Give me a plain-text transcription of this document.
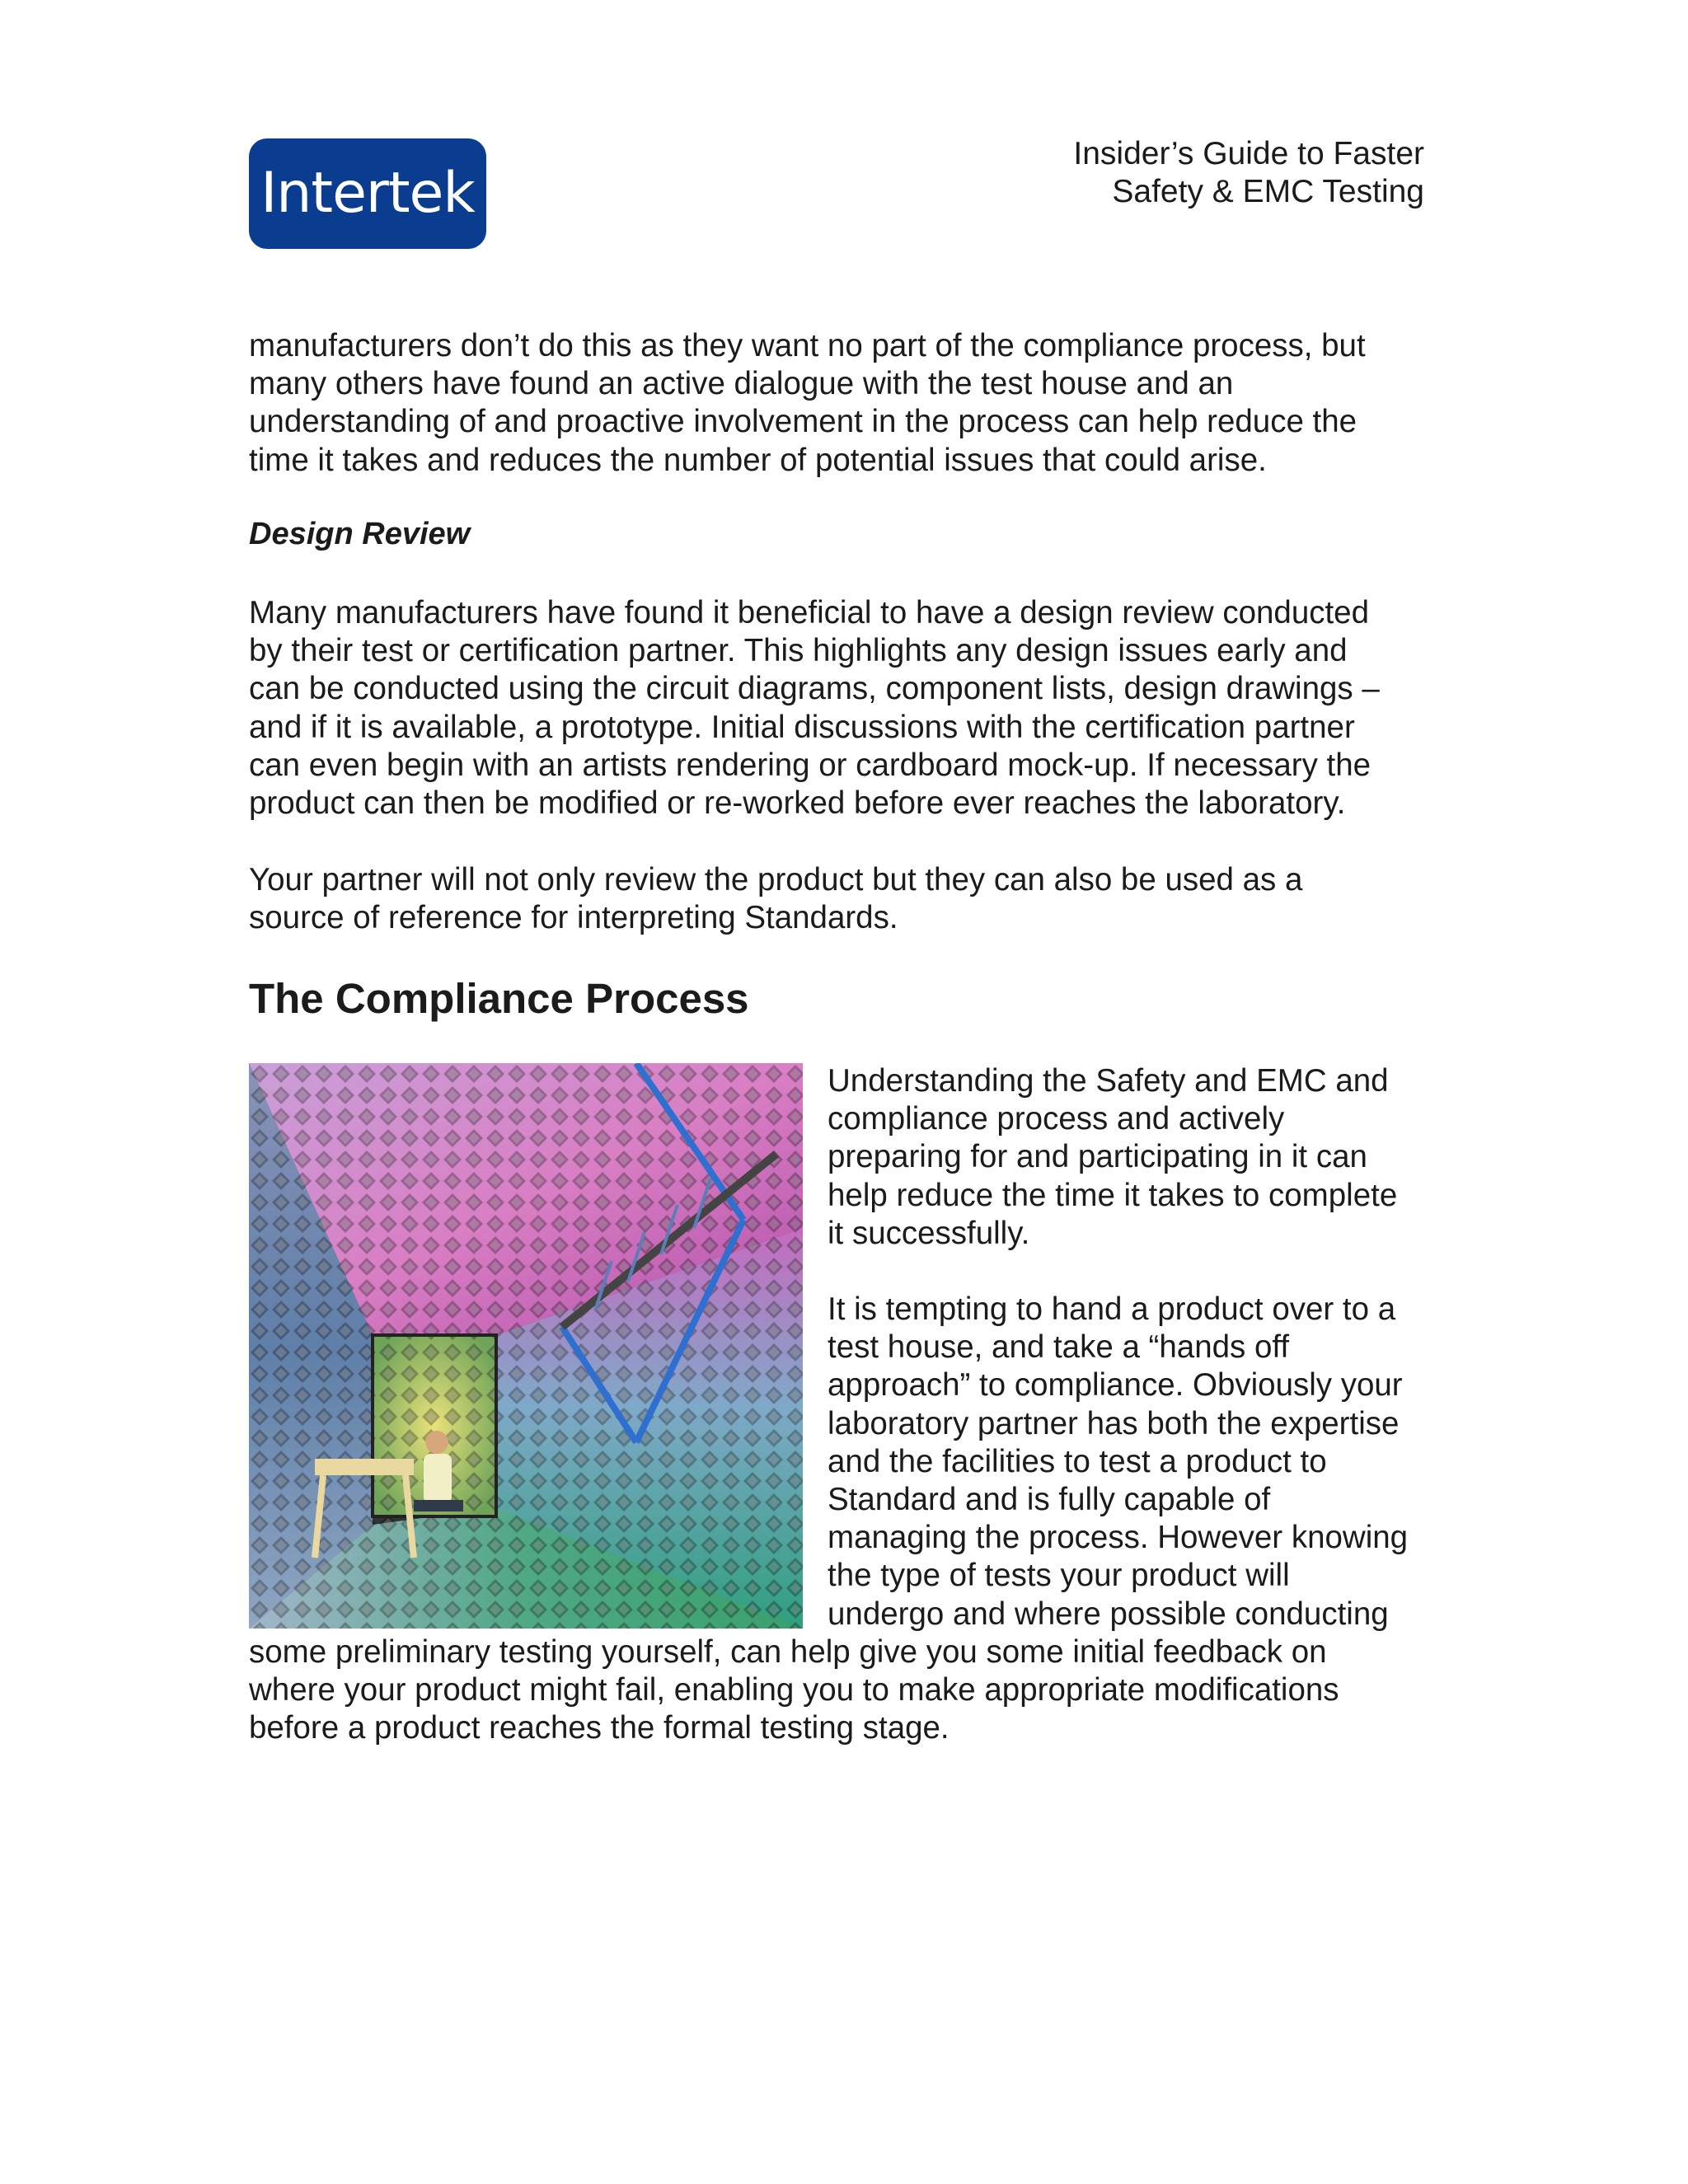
Intertek
Insider’s Guide to Faster
Safety & EMC Testing

manufacturers don’t do this as they want no part of the compliance process, but
many others have found an active dialogue with the test house and an
understanding of and proactive involvement in the process can help reduce the
time it takes and reduces the number of potential issues that could arise.

Design Review

Many manufacturers have found it beneficial to have a design review conducted
by their test or certification partner. This highlights any design issues early and
can be conducted using the circuit diagrams, component lists, design drawings –
and if it is available, a prototype. Initial discussions with the certification partner
can even begin with an artists rendering or cardboard mock-up. If necessary the
product can then be modified or re-worked before ever reaches the laboratory.

Your partner will not only review the product but they can also be used as a
source of reference for interpreting Standards.

The Compliance Process

Understanding the Safety and EMC and
compliance process and actively
preparing for and participating in it can
help reduce the time it takes to complete
it successfully.

It is tempting to hand a product over to a
test house, and take a “hands off
approach” to compliance. Obviously your
laboratory partner has both the expertise
and the facilities to test a product to
Standard and is fully capable of
managing the process. However knowing
the type of tests your product will
undergo and where possible conducting

some preliminary testing yourself, can help give you some initial feedback on
where your product might fail, enabling you to make appropriate modifications
before a product reaches the formal testing stage.
